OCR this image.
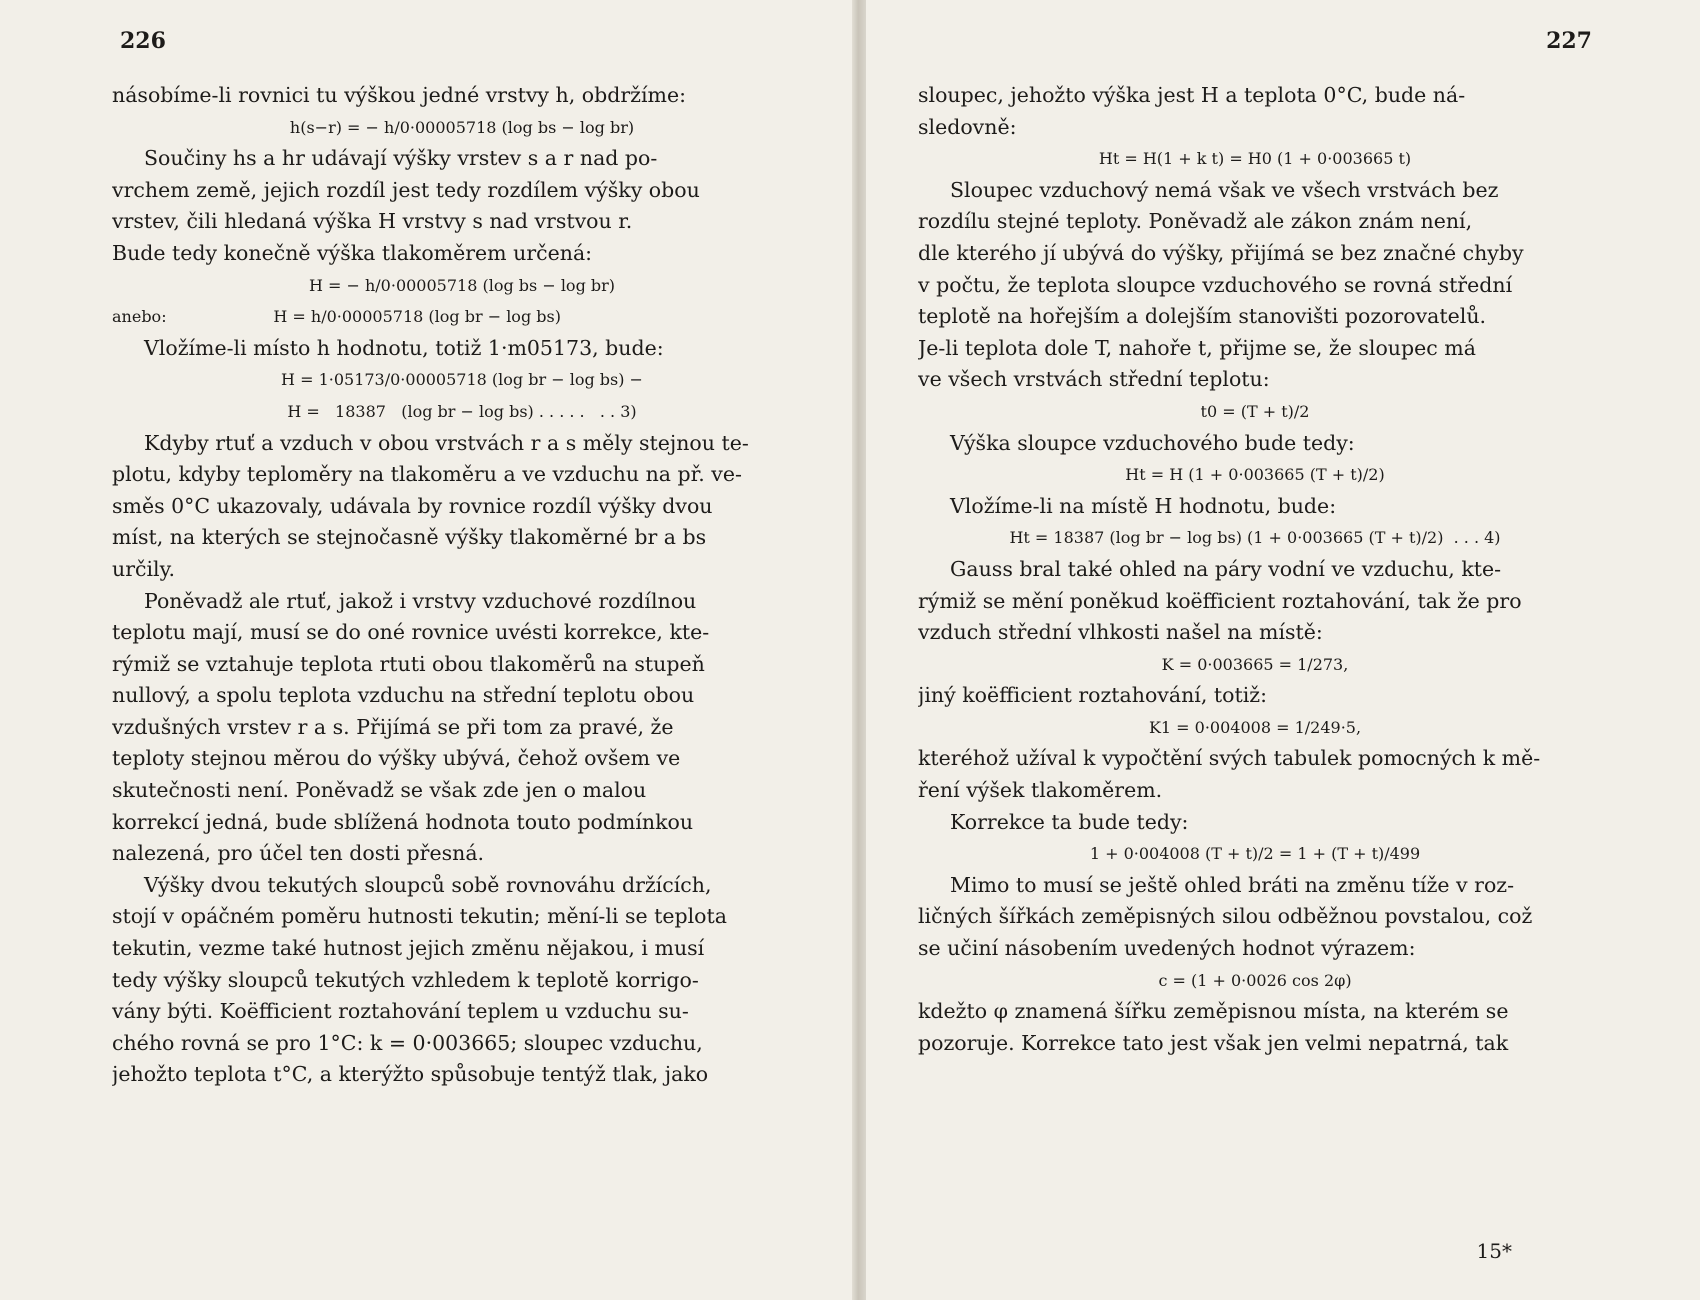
226

násobíme-li rovnici tu výškou jedné vrstvy h, obdržíme:

h(s−r) = − h/0·00005718 (log bs − log br)

Součiny hs a hr udávají výšky vrstev s a r nad po-

vrchem země, jejich rozdíl jest tedy rozdílem výšky obou

vrstev, čili hledaná výška H vrstvy s nad vrstvou r.

Bude tedy konečně výška tlakoměrem určená:

H = − h/0·00005718 (log bs − log br)

anebo:                     H = h/0·00005718 (log br − log bs)

Vložíme-li místo h hodnotu, totiž 1·m05173, bude:

H = 1·05173/0·00005718 (log br − log bs) −

H =   18387   (log br − log bs) . . . . .   . . 3)

Kdyby rtuť a vzduch v obou vrstvách r a s měly stejnou te-

plotu, kdyby teploměry na tlakoměru a ve vzduchu na př. ve-

směs 0°C ukazovaly, udávala by rovnice rozdíl výšky dvou

míst, na kterých se stejnočasně výšky tlakoměrné br a bs

určily.

Poněvadž ale rtuť, jakož i vrstvy vzduchové rozdílnou

teplotu mají, musí se do oné rovnice uvésti korrekce, kte-

rýmiž se vztahuje teplota rtuti obou tlakoměrů na stupeň

nullový, a spolu teplota vzduchu na střední teplotu obou

vzdušných vrstev r a s. Přijímá se při tom za pravé, že

teploty stejnou měrou do výšky ubývá, čehož ovšem ve

skutečnosti není. Poněvadž se však zde jen o malou

korrekcí jedná, bude sblížená hodnota touto podmínkou

nalezená, pro účel ten dosti přesná.

Výšky dvou tekutých sloupců sobě rovnováhu držících,

stojí v opáčném poměru hutnosti tekutin; mění-li se teplota

tekutin, vezme také hutnost jejich změnu nějakou, i musí

tedy výšky sloupců tekutých vzhledem k teplotě korrigo-

vány býti. Koëfficient roztahování teplem u vzduchu su-

chého rovná se pro 1°C: k = 0·003665; sloupec vzduchu,

jehožto teplota t°C, a kterýžto spůsobuje tentýž tlak, jako

227

sloupec, jehožto výška jest H a teplota 0°C, bude ná-

sledovně:

Ht = H(1 + k t) = H0 (1 + 0·003665 t)

Sloupec vzduchový nemá však ve všech vrstvách bez

rozdílu stejné teploty. Poněvadž ale zákon znám není,

dle kterého jí ubývá do výšky, přijímá se bez značné chyby

v počtu, že teplota sloupce vzduchového se rovná střední

teplotě na hořejším a dolejším stanovišti pozorovatelů.

Je-li teplota dole T, nahoře t, přijme se, že sloupec má

ve všech vrstvách střední teplotu:

t0 = (T + t)/2

Výška sloupce vzduchového bude tedy:

Ht = H (1 + 0·003665 (T + t)/2)

Vložíme-li na místě H hodnotu, bude:

Ht = 18387 (log br − log bs) (1 + 0·003665 (T + t)/2)  . . . 4)

Gauss bral také ohled na páry vodní ve vzduchu, kte-

rýmiž se mění poněkud koëfficient roztahování, tak že pro

vzduch střední vlhkosti našel na místě:

K = 0·003665 = 1/273,

jiný koëfficient roztahování, totiž:

K1 = 0·004008 = 1/249·5,

kteréhož užíval k vypočtění svých tabulek pomocných k mě-

ření výšek tlakoměrem.

Korrekce ta bude tedy:

1 + 0·004008 (T + t)/2 = 1 + (T + t)/499

Mimo to musí se ještě ohled bráti na změnu tíže v roz-

ličných šířkách zeměpisných silou odběžnou povstalou, což

se učiní násobením uvedených hodnot výrazem:

c = (1 + 0·0026 cos 2φ)

kdežto φ znamená šířku zeměpisnou místa, na kterém se

pozoruje. Korrekce tato jest však jen velmi nepatrná, tak

15*
